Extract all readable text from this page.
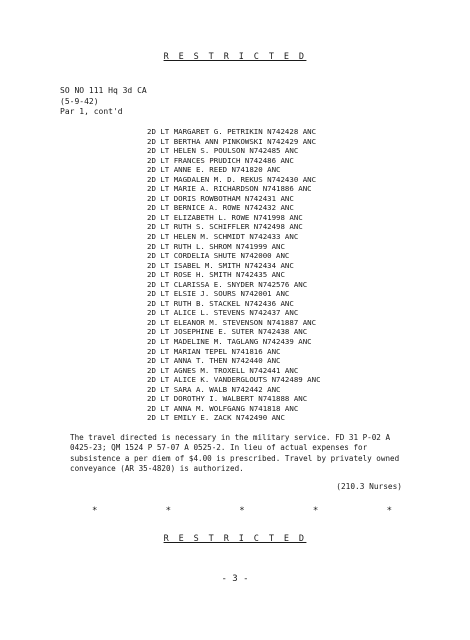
R E S T R I C T E D
SO NO 111 Hq 3d CA
(5-9-42)
Par 1, cont'd
2D LT MARGARET G. PETRIKIN N742428 ANC
2D LT BERTHA ANN PINKOWSKI N742429 ANC
2D LT HELEN S. POULSON N742485 ANC
2D LT FRANCES PRUDICH N742486 ANC
2D LT ANNE E. REED N741820 ANC
2D LT MAGDALEN M. D. REKUS N742430 ANC
2D LT MARIE A. RICHARDSON N741886 ANC
2D LT DORIS ROWBOTHAM N742431 ANC
2D LT BERNICE A. ROWE N742432 ANC
2D LT ELIZABETH L. ROWE N741998 ANC
2D LT RUTH S. SCHIFFLER N742498 ANC
2D LT HELEN M. SCHMIDT N742433 ANC
2D LT RUTH L. SHROM N741999 ANC
2D LT CORDELIA SHUTE N742000 ANC
2D LT ISABEL M. SMITH N742434 ANC
2D LT ROSE H. SMITH N742435 ANC
2D LT CLARISSA E. SNYDER N742576 ANC
2D LT ELSIE J. SOURS N742001 ANC
2D LT RUTH B. STACKEL N742436 ANC
2D LT ALICE L. STEVENS N742437 ANC
2D LT ELEANOR M. STEVENSON N741887 ANC
2D LT JOSEPHINE E. SUTER N742438 ANC
2D LT MADELINE M. TAGLANG N742439 ANC
2D LT MARIAN TEPEL N741816 ANC
2D LT ANNA T. THEN N742440 ANC
2D LT AGNES M. TROXELL N742441 ANC
2D LT ALICE K. VANDERGLOUTS N742489 ANC
2D LT SARA A. WALB N742442 ANC
2D LT DOROTHY I. WALBERT N741888 ANC
2D LT ANNA M. WOLFGANG N741818 ANC
2D LT EMILY E. ZACK N742490 ANC

The travel directed is necessary in the military service. FD 31 P-02 A 0425-23; QM 1524 P 57-07 A 0525-2. In lieu of actual expenses for subsistence a per diem of $4.00 is prescribed. Travel by privately owned conveyance (AR 35-4820) is authorized.

(210.3 Nurses)
*	*	*	*	*
R E S T R I C T E D
- 3 -
